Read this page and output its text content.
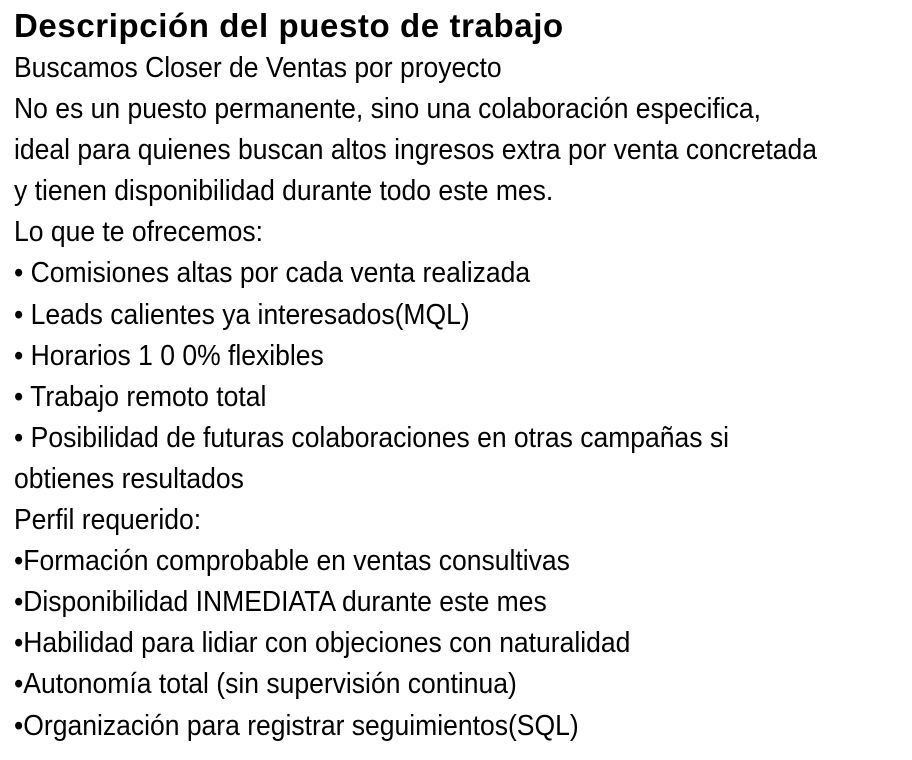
Descripción del puesto de trabajo

Buscamos Closer de Ventas por proyecto

No es un puesto permanente, sino una colaboración especifica,

ideal para quienes buscan altos ingresos extra por venta concretada

y tienen disponibilidad durante todo este mes.

Lo que te ofrecemos:

• Comisiones altas por cada venta realizada

• Leads calientes ya interesados(MQL)

• Horarios 1 0 0% flexibles

• Trabajo remoto total

• Posibilidad de futuras colaboraciones en otras campañas si

obtienes resultados

Perfil requerido:

•Formación comprobable en ventas consultivas

•Disponibilidad INMEDIATA durante este mes

•Habilidad para lidiar con objeciones con naturalidad

•Autonomía total (sin supervisión continua)

•Organización para registrar seguimientos(SQL)
